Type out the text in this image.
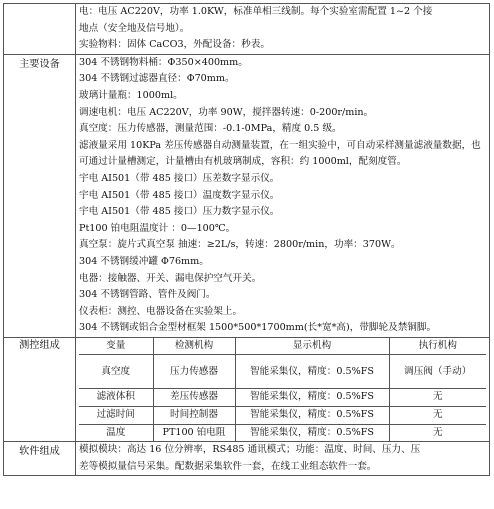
电：电压 AC220V，功率 1.0KW，标准单相三线制。每个实验室需配置 1~2 个接
地点（安全地及信号地）。
实验物料：固体 CaCO3，外配设备：秒表。

主要设备	304 不锈钢物料桶：Φ350×400mm。
304 不锈钢过滤器直径：Φ70mm。
玻璃计量瓶：1000ml。
调速电机：电压 AC220V，功率 90W，搅拌器转速：0-200r/min。
真空度：压力传感器，测量范围：-0.1-0MPa，精度 0.5 级。
滤液量采用 10KPa 差压传感器自动测量装置，在一组实验中，可自动采样测量滤液量数据，也可通过计量槽测定，计量槽由有机玻璃制成，容积：约 1000ml，配刻度管。
宇电 AI501（带 485 接口）压差数字显示仪。
宇电 AI501（带 485 接口）温度数字显示仪。
宇电 AI501（带 485 接口）压力数字显示仪。
Pt100 铂电阻温度计 ：0—100℃。
真空泵：旋片式真空泵 抽速：≥2L/s，转速：2800r/min，功率：370W。
304 不锈钢缓冲罐 Φ76mm。
电器：接触器、开关、漏电保护空气开关。
304 不锈钢管路、管件及阀门。
仪表柜：测控、电器设备在实验架上。
304 不锈钢或铝合金型材框架 1500*500*1700mm(长*宽*高)，带脚轮及禁铜脚。

测控组成		变量	检测机构	显示机构	执行机构
真空度	压力传感器	智能采集仪，精度：0.5%FS	调压阀（手动）
滤液体积	差压传感器	智能采集仪，精度：0.5%FS	无
过滤时间	时间控制器	智能采集仪，精度：0.5%FS	无
温度	PT100 铂电阻	智能采集仪，精度：0.5%FS	无

软件组成	模拟模块：高达 16 位分辨率，RS485 通讯模式；功能：温度、时间、压力、压
差等模拟量信号采集。配数据采集软件一套，在线工业组态软件一套。
